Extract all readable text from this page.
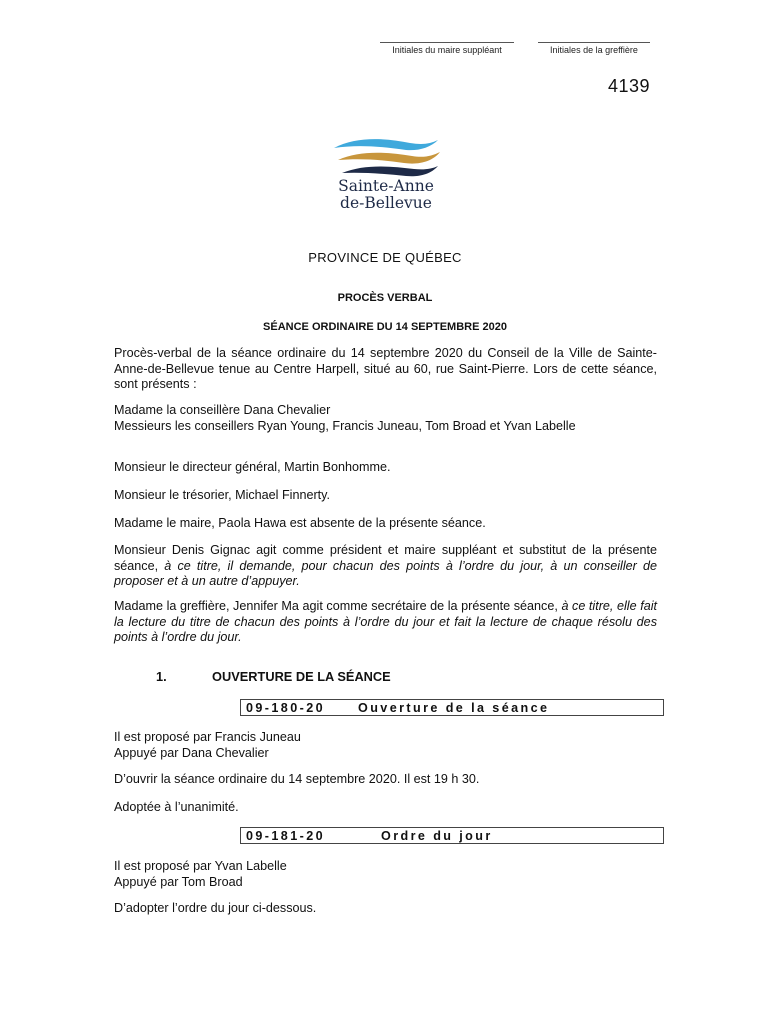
Initiales du maire suppléant	Initiales de la greffière
4139
Sainte-Anne
de-Bellevue
PROVINCE DE QUÉBEC
PROCÈS VERBAL
SÉANCE ORDINAIRE DU 14 SEPTEMBRE 2020

Procès-verbal de la séance ordinaire du 14 septembre 2020 du Conseil de la Ville de Sainte-Anne-de-Bellevue tenue au Centre Harpell, situé au 60, rue Saint-Pierre. Lors de cette séance, sont présents :

Madame la conseillère Dana Chevalier
Messieurs les conseillers Ryan Young, Francis Juneau, Tom Broad et Yvan Labelle

Monsieur le directeur général, Martin Bonhomme.

Monsieur le trésorier, Michael Finnerty.

Madame le maire, Paola Hawa est absente de la présente séance.

Monsieur Denis Gignac agit comme président et maire suppléant et substitut de la présente séance, à ce titre, il demande, pour chacun des points à l’ordre du jour, à un conseiller de proposer et à un autre d’appuyer.

Madame la greffière, Jennifer Ma agit comme secrétaire de la présente séance, à ce titre, elle fait la lecture du titre de chacun des points à l’ordre du jour et fait la lecture de chaque résolu des points à l’ordre du jour.

1.	OUVERTURE DE LA SÉANCE
09-180-20	Ouverture de la séance

Il est proposé par Francis Juneau
Appuyé par Dana Chevalier

D’ouvrir la séance ordinaire du 14 septembre 2020. Il est 19 h 30.

Adoptée à l’unanimité.

09-181-20	Ordre du jour

Il est proposé par Yvan Labelle
Appuyé par Tom Broad

D’adopter l’ordre du jour ci-dessous.
